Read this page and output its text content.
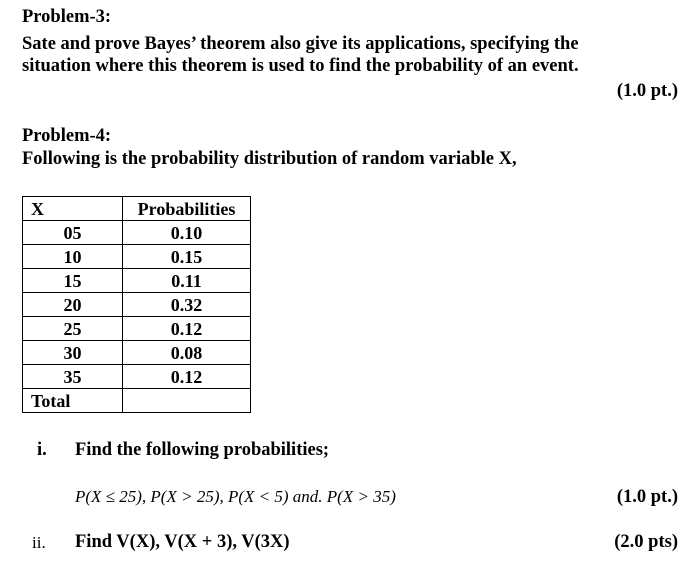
Problem-3:
Sate and prove Bayes’ theorem also give its applications, specifying the
situation where this theorem is used to find the probability of an event.
(1.0 pt.)
Problem-4:
Following is the probability distribution of random variable X,
X	Probabilities
05	0.10
10	0.15
15	0.11
20	0.32
25	0.12
30	0.08
35	0.12
Total	
i. Find the following probabilities;
P(X ≤ 25), P(X > 25), P(X < 5) and. P(X > 35)	(1.0 pt.)
ii. Find V(X), V(X + 3), V(3X)	(2.0 pts)
